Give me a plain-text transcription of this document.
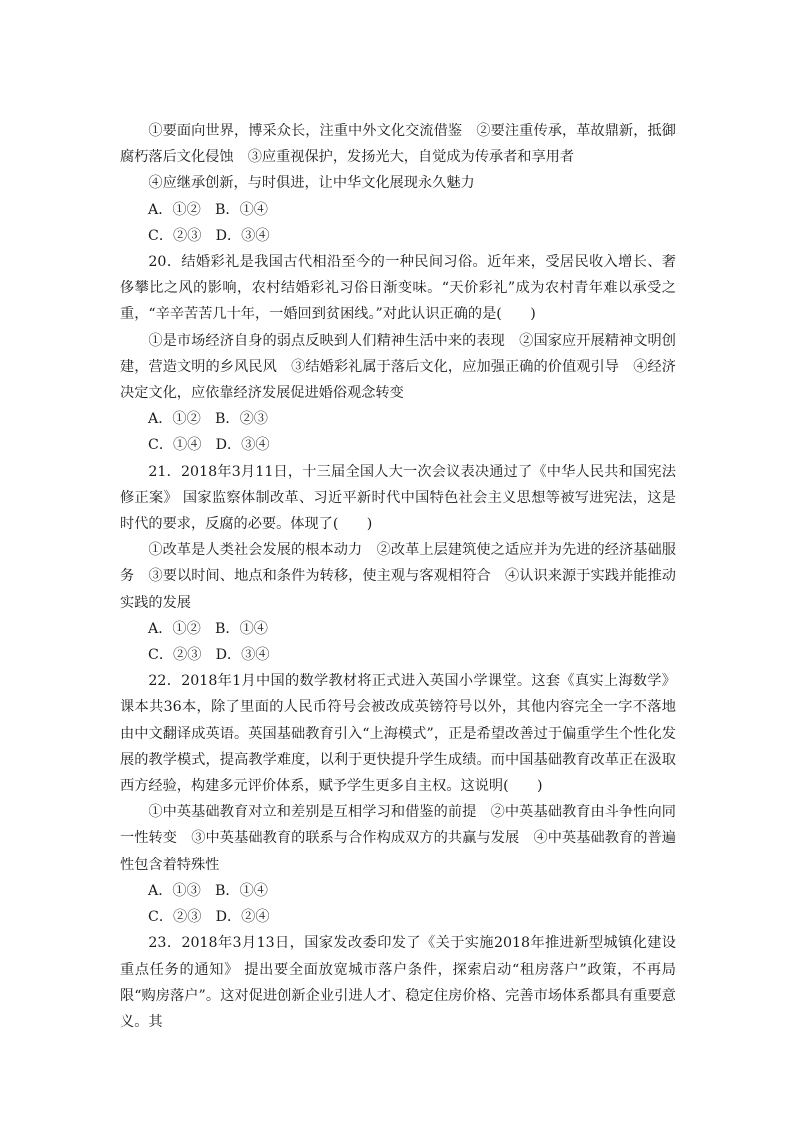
①要面向世界，博采众长，注重中外文化交流借鉴　②要注重传承，革故鼎新，抵御腐朽落后文化侵蚀　③应重视保护，发扬光大，自觉成为传承者和享用者

④应继承创新，与时俱进，让中华文化展现永久魅力

A．①②　B．①④

C．②③　D．③④

20．结婚彩礼是我国古代相沿至今的一种民间习俗。近年来，受居民收入增长、奢侈攀比之风的影响，农村结婚彩礼习俗日渐变味。“天价彩礼”成为农村青年难以承受之重，“辛辛苦苦几十年，一婚回到贫困线。”对此认识正确的是(　　)

①是市场经济自身的弱点反映到人们精神生活中来的表现　②国家应开展精神文明创建，营造文明的乡风民风　③结婚彩礼属于落后文化，应加强正确的价值观引导　④经济决定文化，应依靠经济发展促进婚俗观念转变

A．①②　B．②③

C．①④　D．③④

21．2018年3月11日，十三届全国人大一次会议表决通过了《中华人民共和国宪法修正案》 国家监察体制改革、习近平新时代中国特色社会主义思想等被写进宪法，这是时代的要求，反腐的必要。体现了(　　)

①改革是人类社会发展的根本动力　②改革上层建筑使之适应并为先进的经济基础服务　③要以时间、地点和条件为转移，使主观与客观相符合　④认识来源于实践并能推动实践的发展

A．①②　B．①④

C．②③　D．③④

22．2018年1月中国的数学教材将正式进入英国小学课堂。这套《真实上海数学》课本共36本，除了里面的人民币符号会被改成英镑符号以外，其他内容完全一字不落地由中文翻译成英语。英国基础教育引入“上海模式”，正是希望改善过于偏重学生个性化发展的教学模式，提高教学难度，以利于更快提升学生成绩。而中国基础教育改革正在汲取西方经验，构建多元评价体系，赋予学生更多自主权。这说明(　　)

①中英基础教育对立和差别是互相学习和借鉴的前提　②中英基础教育由斗争性向同一性转变　③中英基础教育的联系与合作构成双方的共赢与发展　④中英基础教育的普遍性包含着特殊性

A．①③　B．①④

C．②③　D．②④

23．2018年3月13日，国家发改委印发了《关于实施2018年推进新型城镇化建设重点任务的通知》 提出要全面放宽城市落户条件，探索启动“租房落户”政策，不再局限“购房落户”。这对促进创新企业引进人才、稳定住房价格、完善市场体系都具有重要意义。其
